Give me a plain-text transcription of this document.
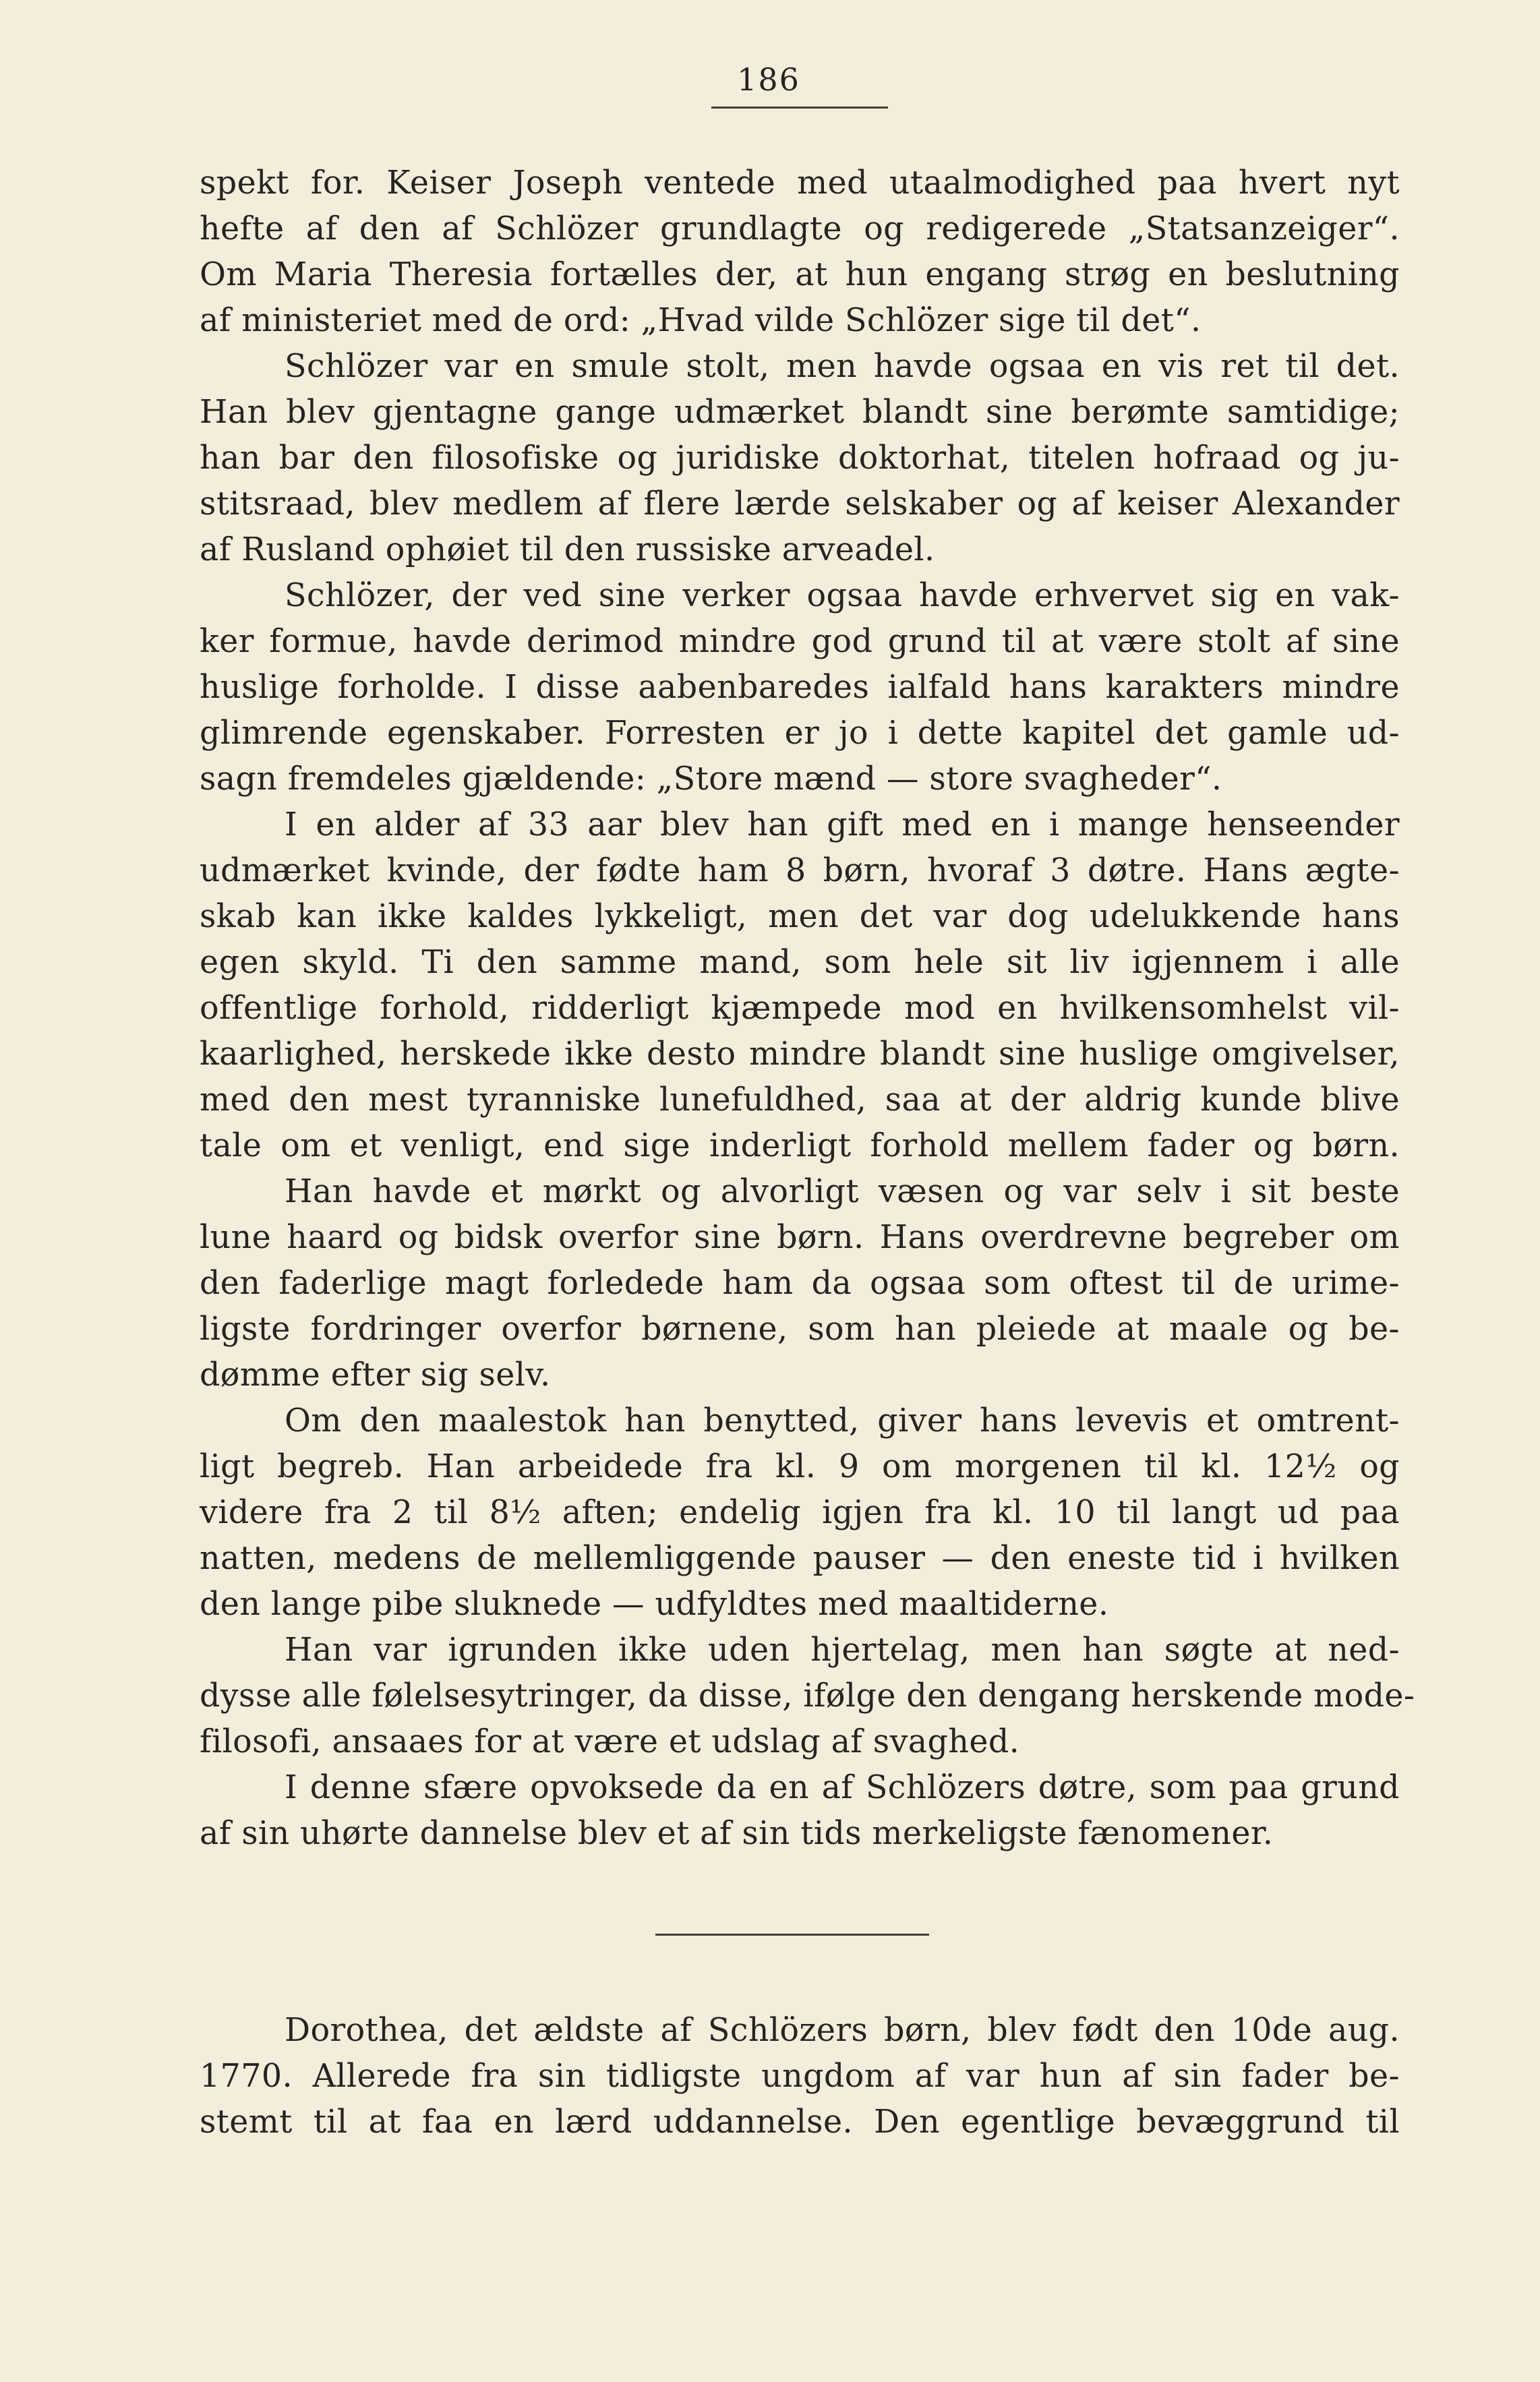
186
spekt for. Keiser Joseph ventede med utaalmodighed paa hvert nyt
hefte af den af Schlözer grundlagte og redigerede „Statsanzeiger“.
Om Maria Theresia fortælles der, at hun engang strøg en beslutning
af ministeriet med de ord: „Hvad vilde Schlözer sige til det“.
Schlözer var en smule stolt, men havde ogsaa en vis ret til det.
Han blev gjentagne gange udmærket blandt sine berømte samtidige;
han bar den filosofiske og juridiske doktorhat, titelen hofraad og ju-
stitsraad, blev medlem af flere lærde selskaber og af keiser Alexander
af Rusland ophøiet til den russiske arveadel.
Schlözer, der ved sine verker ogsaa havde erhvervet sig en vak-
ker formue, havde derimod mindre god grund til at være stolt af sine
huslige forholde. I disse aabenbaredes ialfald hans karakters mindre
glimrende egenskaber. Forresten er jo i dette kapitel det gamle ud-
sagn fremdeles gjældende: „Store mænd — store svagheder“.
I en alder af 33 aar blev han gift med en i mange henseender
udmærket kvinde, der fødte ham 8 børn, hvoraf 3 døtre. Hans ægte-
skab kan ikke kaldes lykkeligt, men det var dog udelukkende hans
egen skyld. Ti den samme mand, som hele sit liv igjennem i alle
offentlige forhold, ridderligt kjæmpede mod en hvilkensomhelst vil-
kaarlighed, herskede ikke desto mindre blandt sine huslige omgivelser,
med den mest tyranniske lunefuldhed, saa at der aldrig kunde blive
tale om et venligt, end sige inderligt forhold mellem fader og børn.
Han havde et mørkt og alvorligt væsen og var selv i sit beste
lune haard og bidsk overfor sine børn. Hans overdrevne begreber om
den faderlige magt forledede ham da ogsaa som oftest til de urime-
ligste fordringer overfor børnene, som han pleiede at maale og be-
dømme efter sig selv.
Om den maalestok han benytted, giver hans levevis et omtrent-
ligt begreb. Han arbeidede fra kl. 9 om morgenen til kl. 12½ og
videre fra 2 til 8½ aften; endelig igjen fra kl. 10 til langt ud paa
natten, medens de mellemliggende pauser — den eneste tid i hvilken
den lange pibe sluknede — udfyldtes med maaltiderne.
Han var igrunden ikke uden hjertelag, men han søgte at ned-
dysse alle følelsesytringer, da disse, ifølge den dengang herskende mode-
filosofi, ansaaes for at være et udslag af svaghed.
I denne sfære opvoksede da en af Schlözers døtre, som paa grund
af sin uhørte dannelse blev et af sin tids merkeligste fænomener.
Dorothea, det ældste af Schlözers børn, blev født den 10de aug.
1770. Allerede fra sin tidligste ungdom af var hun af sin fader be-
stemt til at faa en lærd uddannelse. Den egentlige bevæggrund til
